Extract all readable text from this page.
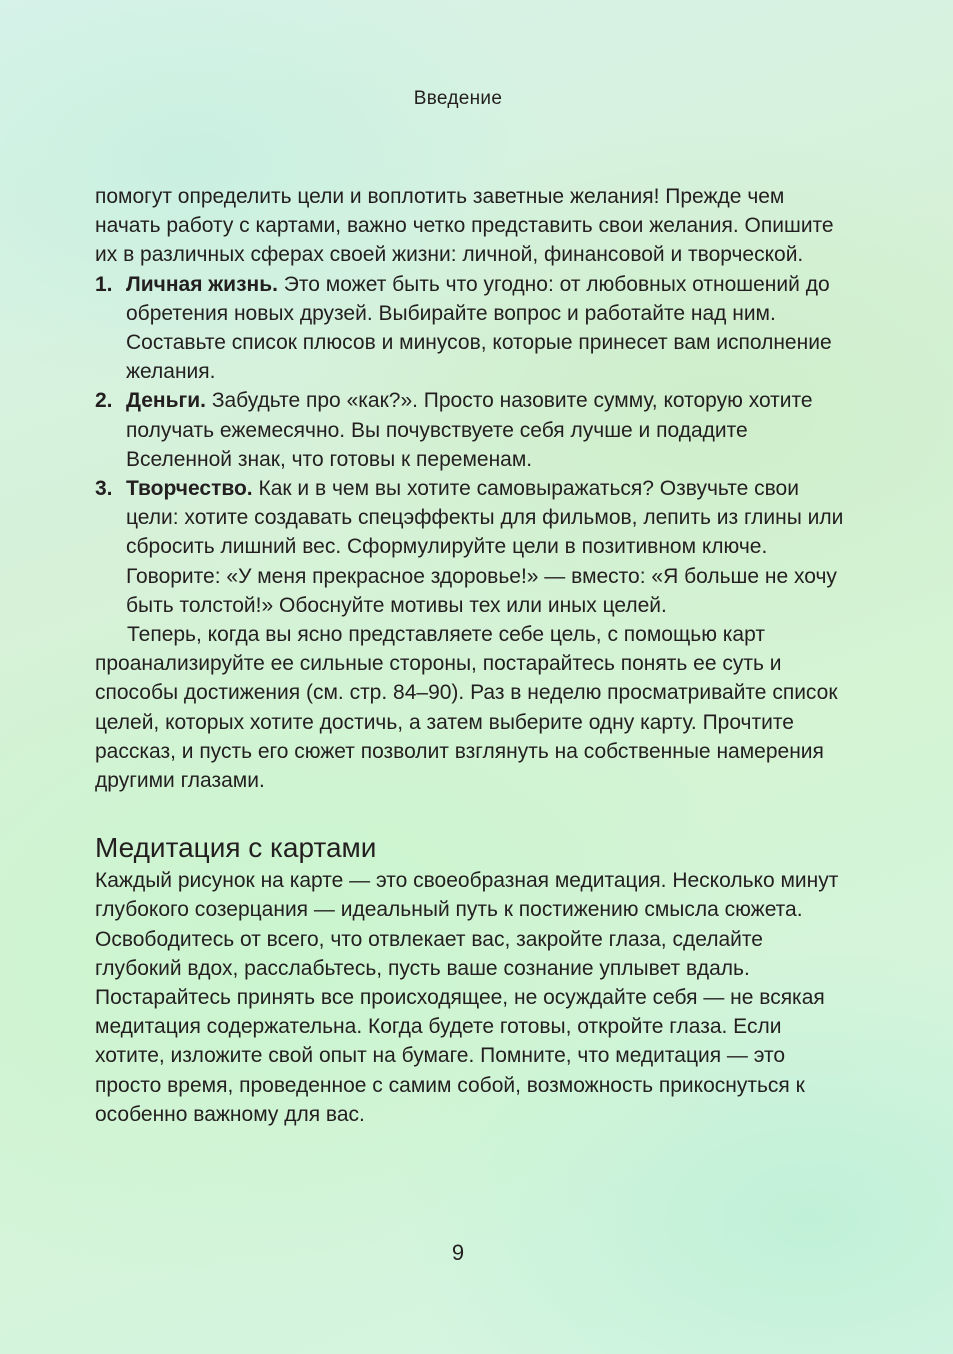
Введение

помогут определить цели и воплотить заветные желания! Прежде чем начать работу с картами, важно четко представить свои желания. Опишите их в различных сферах своей жизни: личной, финансовой и творческой.

1. Личная жизнь. Это может быть что угодно: от любовных отношений до обретения новых друзей. Выбирайте вопрос и работайте над ним. Составьте список плюсов и минусов, которые принесет вам исполнение желания.
2. Деньги. Забудьте про «как?». Просто назовите сумму, которую хотите получать ежемесячно. Вы почувствуете себя лучше и подадите Вселенной знак, что готовы к переменам.
3. Творчество. Как и в чем вы хотите самовыражаться? Озвучьте свои цели: хотите создавать спецэффекты для фильмов, лепить из глины или сбросить лишний вес. Сформулируйте цели в позитивном ключе. Говорите: «У меня прекрасное здоровье!» — вместо: «Я больше не хочу быть толстой!» Обоснуйте мотивы тех или иных целей.

Теперь, когда вы ясно представляете себе цель, с помощью карт проанализируйте ее сильные стороны, постарайтесь понять ее суть и способы достижения (см. стр. 84–90). Раз в неделю просматривайте список целей, которых хотите достичь, а затем выберите одну карту. Прочтите рассказ, и пусть его сюжет позволит взглянуть на собственные намерения другими глазами.

Медитация с картами

Каждый рисунок на карте — это своеобразная медитация. Несколько минут глубокого созерцания — идеальный путь к постижению смысла сюжета. Освободитесь от всего, что отвлекает вас, закройте глаза, сделайте глубокий вдох, расслабьтесь, пусть ваше сознание уплывет вдаль. Постарайтесь принять все происходящее, не осуждайте себя — не всякая медитация содержательна. Когда будете готовы, откройте глаза. Если хотите, изложите свой опыт на бумаге. Помните, что медитация — это просто время, проведенное с самим собой, возможность прикоснуться к особенно важному для вас.

9
